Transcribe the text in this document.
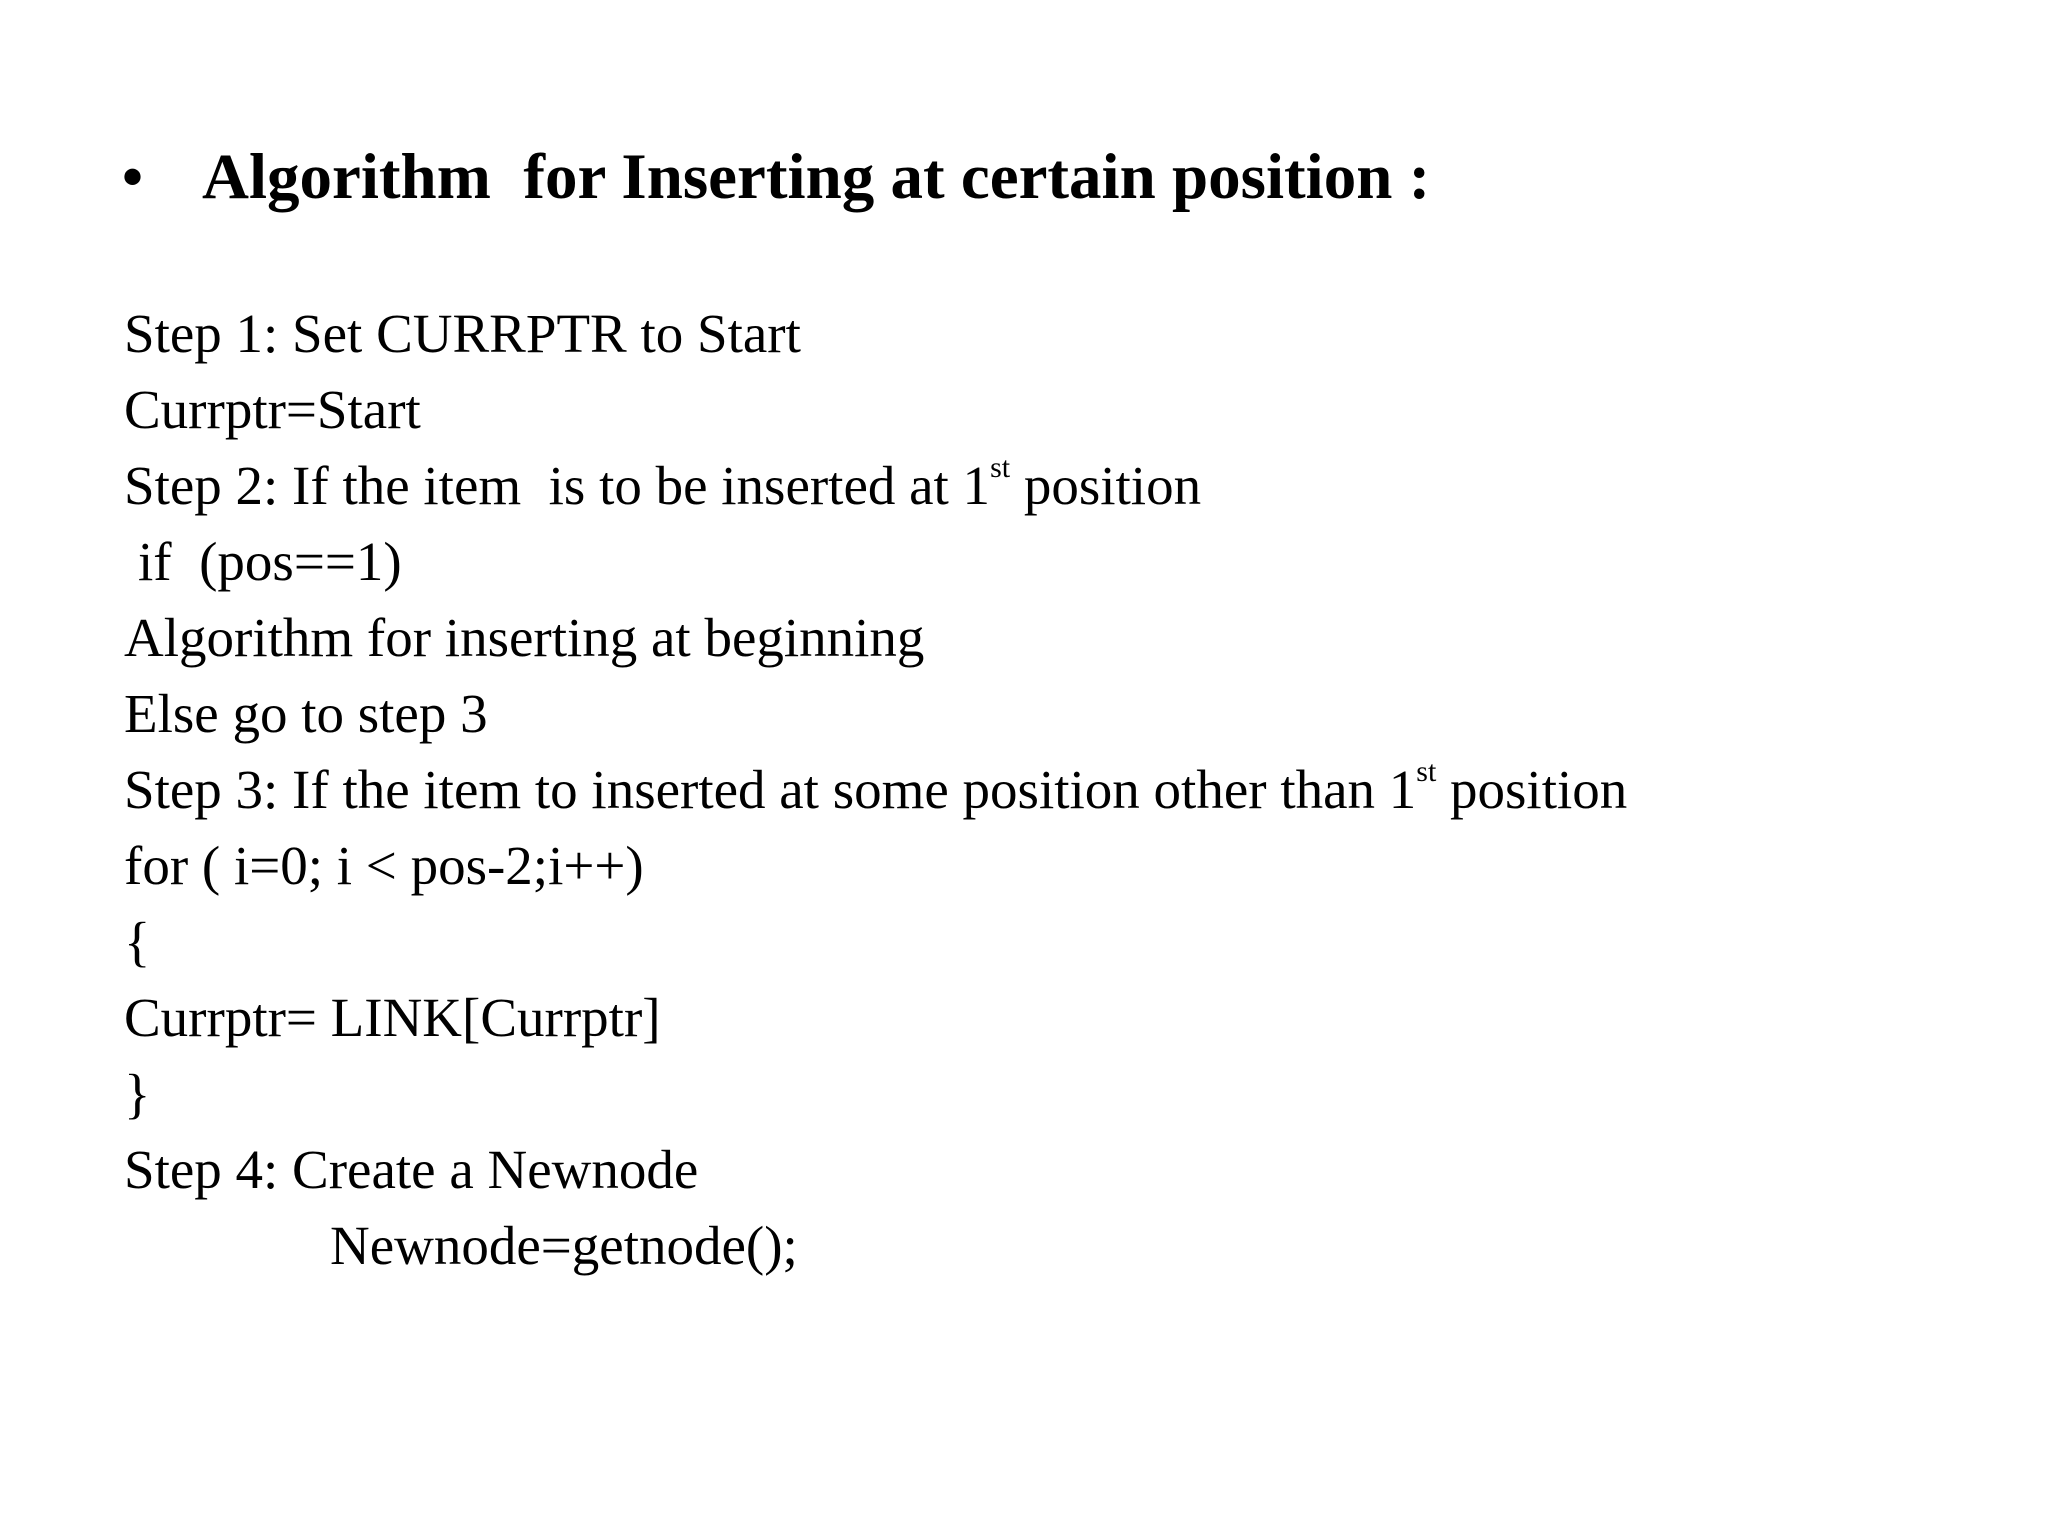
• Algorithm  for Inserting at certain position :
Step 1: Set CURRPTR to Start
Currptr=Start
Step 2: If the item  is to be inserted at 1st position
if  (pos==1)
Algorithm for inserting at beginning
Else go to step 3
Step 3: If the item to inserted at some position other than 1st position
for ( i=0; i < pos-2;i++)
{
Currptr= LINK[Currptr]
}
Step 4: Create a Newnode
Newnode=getnode();
